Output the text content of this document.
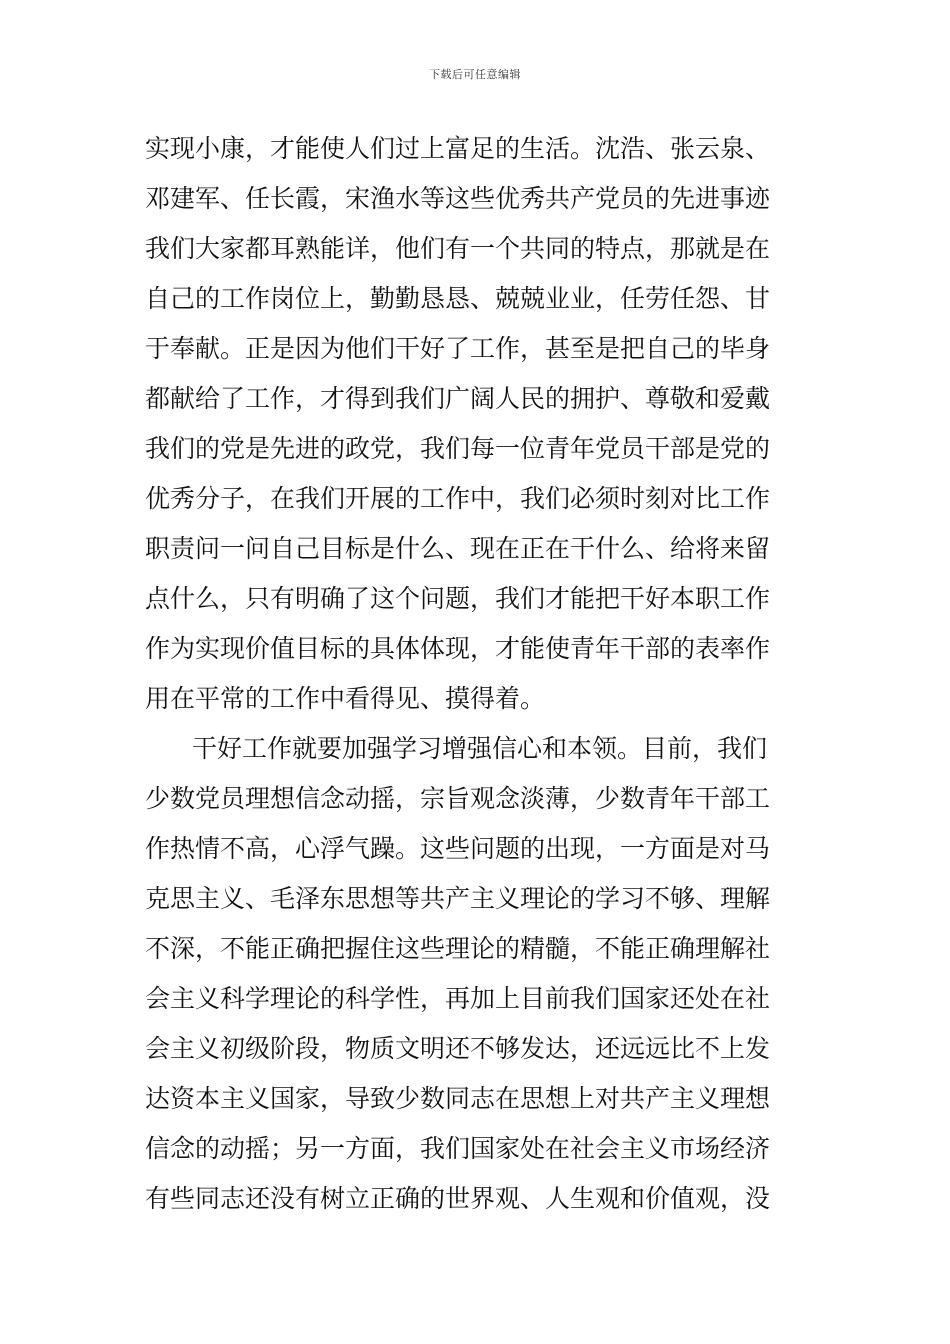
下载后可任意编辑
实现小康，才能使人们过上富足的生活。沈浩、张云泉、
邓建军、任长霞，宋渔水等这些优秀共产党员的先进事迹
我们大家都耳熟能详，他们有一个共同的特点，那就是在
自己的工作岗位上，勤勤恳恳、兢兢业业，任劳任怨、甘
于奉献。正是因为他们干好了工作，甚至是把自己的毕身
都献给了工作，才得到我们广阔人民的拥护、尊敬和爱戴
我们的党是先进的政党，我们每一位青年党员干部是党的
优秀分子，在我们开展的工作中，我们必须时刻对比工作
职责问一问自己目标是什么、现在正在干什么、给将来留
点什么，只有明确了这个问题，我们才能把干好本职工作
作为实现价值目标的具体体现，才能使青年干部的表率作
用在平常的工作中看得见、摸得着。
干好工作就要加强学习增强信心和本领。目前，我们
少数党员理想信念动摇，宗旨观念淡薄，少数青年干部工
作热情不高，心浮气躁。这些问题的出现，一方面是对马
克思主义、毛泽东思想等共产主义理论的学习不够、理解
不深，不能正确把握住这些理论的精髓，不能正确理解社
会主义科学理论的科学性，再加上目前我们国家还处在社
会主义初级阶段，物质文明还不够发达，还远远比不上发
达资本主义国家，导致少数同志在思想上对共产主义理想
信念的动摇；另一方面，我们国家处在社会主义市场经济
有些同志还没有树立正确的世界观、人生观和价值观，没
